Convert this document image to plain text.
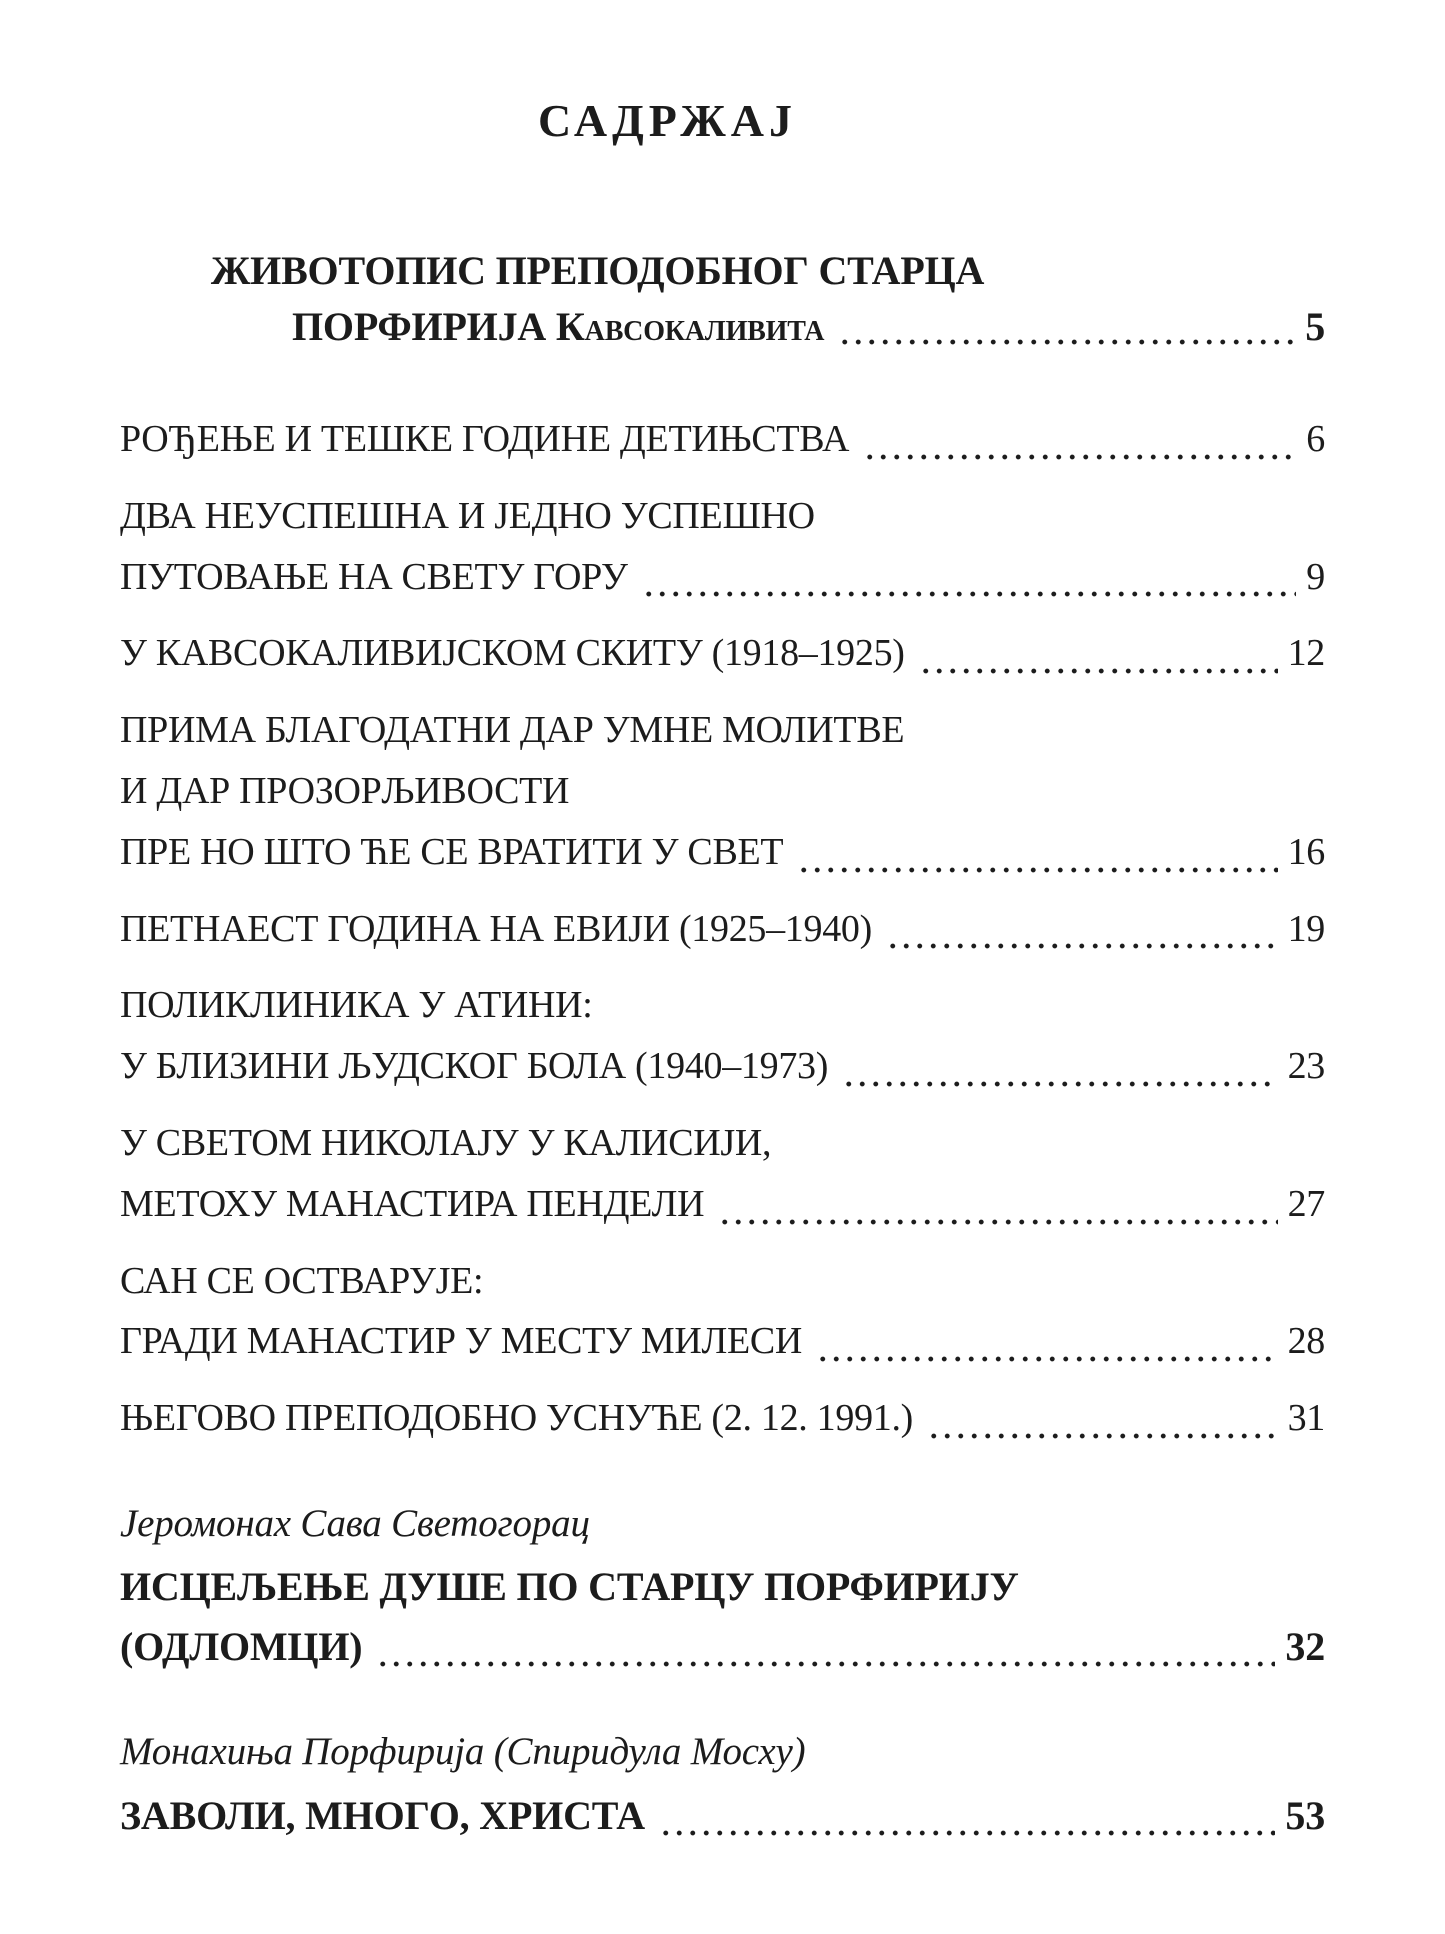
САДРЖАЈ
ЖИВОТОПИС ПРЕПОДОБНОГ СТАРЦА
ПОРФИРИЈА Кавсокаливита	5
РОЂЕЊЕ И ТЕШКЕ ГОДИНЕ ДЕТИЊСТВА	6
ДВА НЕУСПЕШНА И ЈЕДНО УСПЕШНО
ПУТОВАЊЕ НА СВЕТУ ГОРУ	9
У КАВСОКАЛИВИЈСКОМ СКИТУ (1918–1925)	12
ПРИМА БЛАГОДАТНИ ДАР УМНЕ МОЛИТВЕ
И ДАР ПРОЗОРЉИВОСТИ
ПРЕ НО ШТО ЋЕ СЕ ВРАТИТИ У СВЕТ	16
ПЕТНАЕСТ ГОДИНА НА ЕВИЈИ (1925–1940)	19
ПОЛИКЛИНИКА У АТИНИ:
У БЛИЗИНИ ЉУДСКОГ БОЛА (1940–1973)	23
У СВЕТОМ НИКОЛАЈУ У КАЛИСИЈИ,
МЕТОХУ МАНАСТИРА ПЕНДЕЛИ	27
САН СЕ ОСТВАРУЈЕ:
ГРАДИ МАНАСТИР У МЕСТУ МИЛЕСИ	28
ЊЕГОВО ПРЕПОДОБНО УСНУЋЕ (2. 12. 1991.)	31
Јеромонах Сава Светогорац
ИСЦЕЉЕЊЕ ДУШЕ ПО СТАРЦУ ПОРФИРИЈУ
(ОДЛОМЦИ)	32
Монахиња Порфирија (Спиридула Мосху)
ЗАВОЛИ, МНОГО, ХРИСТА	53
